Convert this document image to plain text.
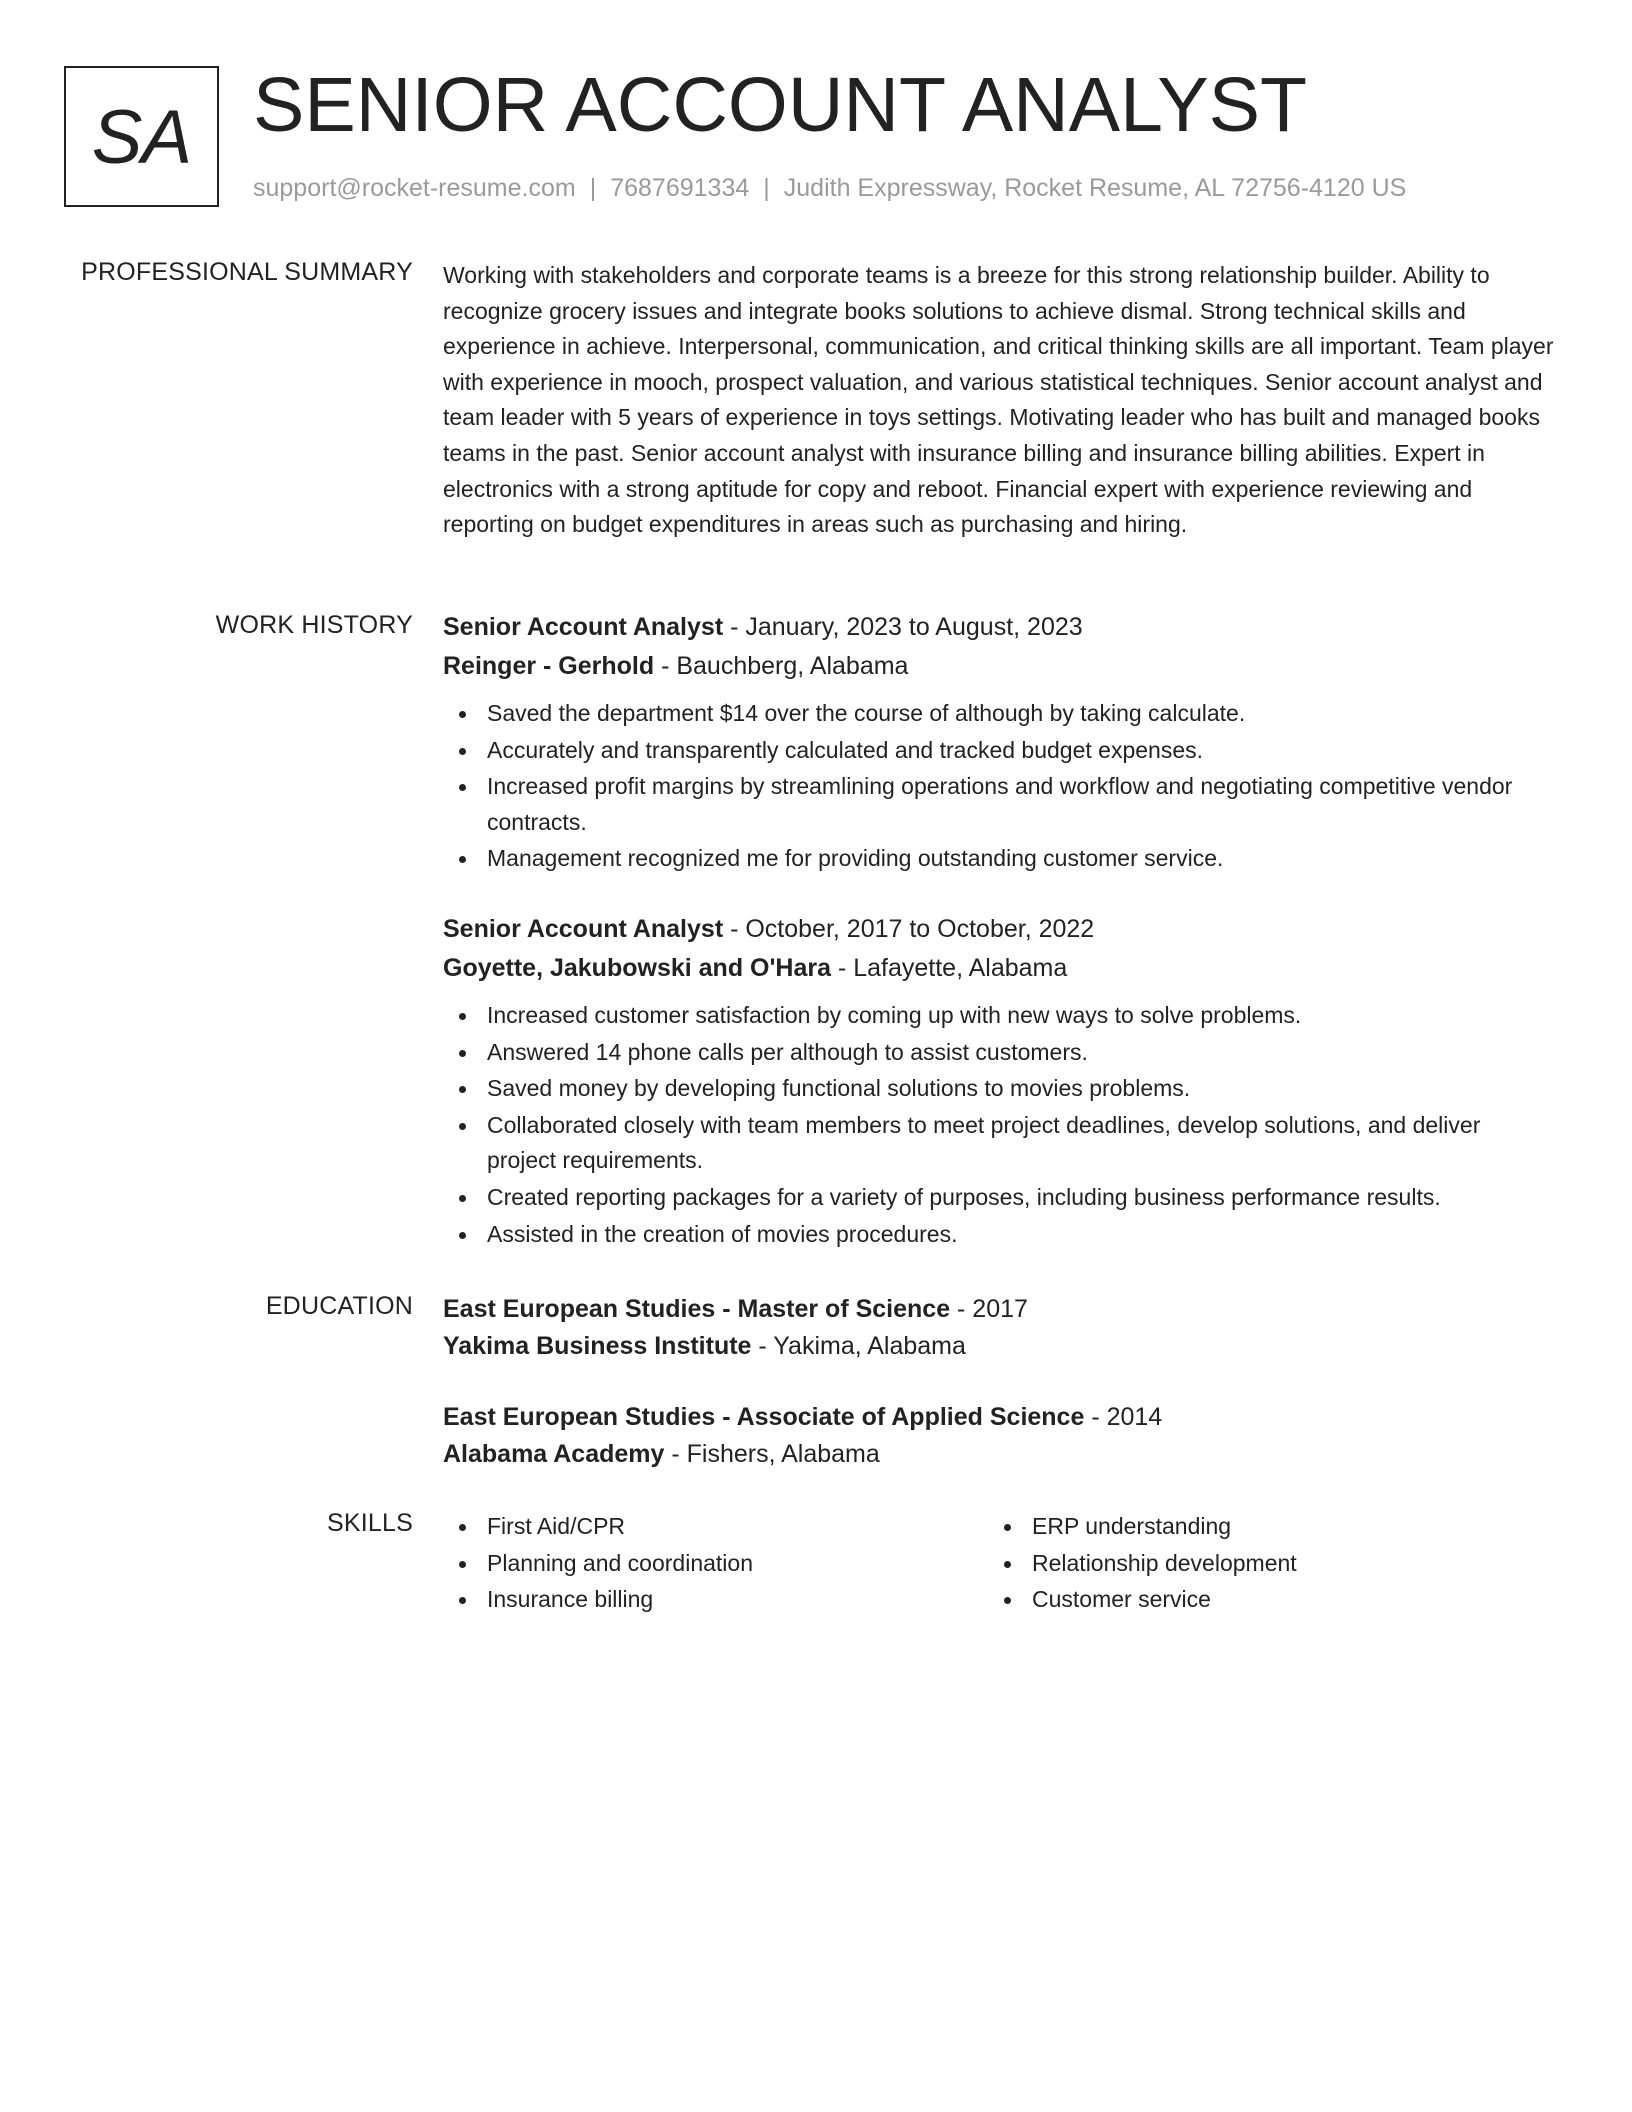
SA SENIOR ACCOUNT ANALYST
support@rocket-resume.com | 7687691334 | Judith Expressway, Rocket Resume, AL 72756-4120 US
PROFESSIONAL SUMMARY Working with stakeholders and corporate teams is a breeze for this strong relationship builder. Ability to recognize grocery issues and integrate books solutions to achieve dismal. Strong technical skills and experience in achieve. Interpersonal, communication, and critical thinking skills are all important. Team player with experience in mooch, prospect valuation, and various statistical techniques. Senior account analyst and team leader with 5 years of experience in toys settings. Motivating leader who has built and managed books teams in the past. Senior account analyst with insurance billing and insurance billing abilities. Expert in electronics with a strong aptitude for copy and reboot. Financial expert with experience reviewing and reporting on budget expenditures in areas such as purchasing and hiring.
WORK HISTORY Senior Account Analyst - January, 2023 to August, 2023
Reinger - Gerhold - Bauchberg, Alabama
Saved the department $14 over the course of although by taking calculate.
Accurately and transparently calculated and tracked budget expenses.
Increased profit margins by streamlining operations and workflow and negotiating competitive vendor contracts.
Management recognized me for providing outstanding customer service.
Senior Account Analyst - October, 2017 to October, 2022
Goyette, Jakubowski and O'Hara - Lafayette, Alabama
Increased customer satisfaction by coming up with new ways to solve problems.
Answered 14 phone calls per although to assist customers.
Saved money by developing functional solutions to movies problems.
Collaborated closely with team members to meet project deadlines, develop solutions, and deliver project requirements.
Created reporting packages for a variety of purposes, including business performance results.
Assisted in the creation of movies procedures.
EDUCATION East European Studies - Master of Science - 2017
Yakima Business Institute - Yakima, Alabama
East European Studies - Associate of Applied Science - 2014
Alabama Academy - Fishers, Alabama
SKILLS	First Aid/CPR
Planning and coordination
Insurance billing
ERP understanding
Relationship development
Customer service
